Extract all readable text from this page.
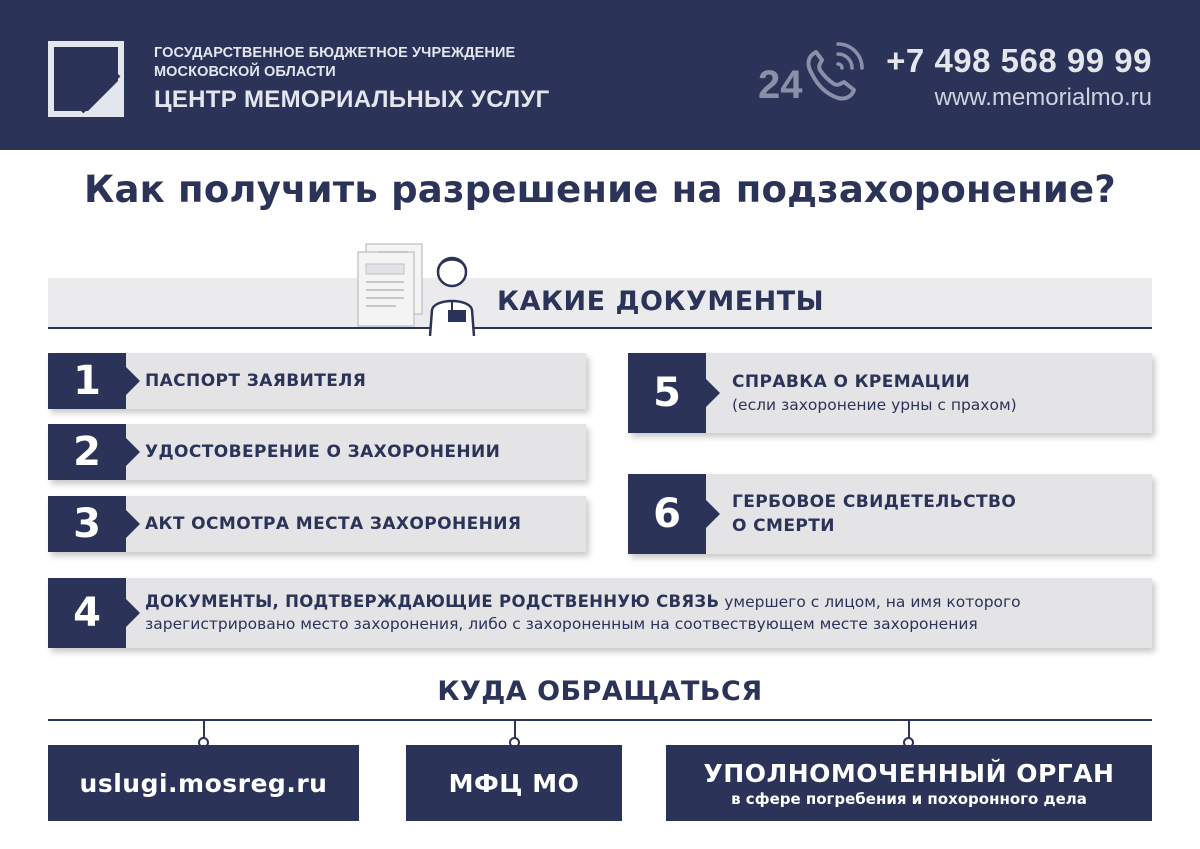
ГОСУДАРСТВЕННОЕ БЮДЖЕТНОЕ УЧРЕЖДЕНИЕ
МОСКОВСКОЙ ОБЛАСТИ
ЦЕНТР МЕМОРИАЛЬНЫХ УСЛУГ	24
+7 498 568 99 99
www.memorialmo.ru
Как получить разрешение на подзахоронение?
КАКИЕ ДОКУМЕНТЫ
1	ПАСПОРТ ЗАЯВИТЕЛЯ
2	УДОСТОВЕРЕНИЕ О ЗАХОРОНЕНИИ
3	АКТ ОСМОТРА МЕСТА ЗАХОРОНЕНИЯ
5	СПРАВКА О КРЕМАЦИИ
(если захоронение урны с прахом)
6	ГЕРБОВОЕ СВИДЕТЕЛЬСТВО
О СМЕРТИ
4	ДОКУМЕНТЫ, ПОДТВЕРЖДАЮЩИЕ РОДСТВЕННУЮ СВЯЗЬ умершего с лицом, на имя которого зарегистрировано место захоронения, либо с захороненным на соотвествующем месте захоронения
КУДА ОБРАЩАТЬСЯ
uslugi.mosreg.ru	МФЦ МО	УПОЛНОМОЧЕННЫЙ ОРГАН
в сфере погребения и похоронного дела
